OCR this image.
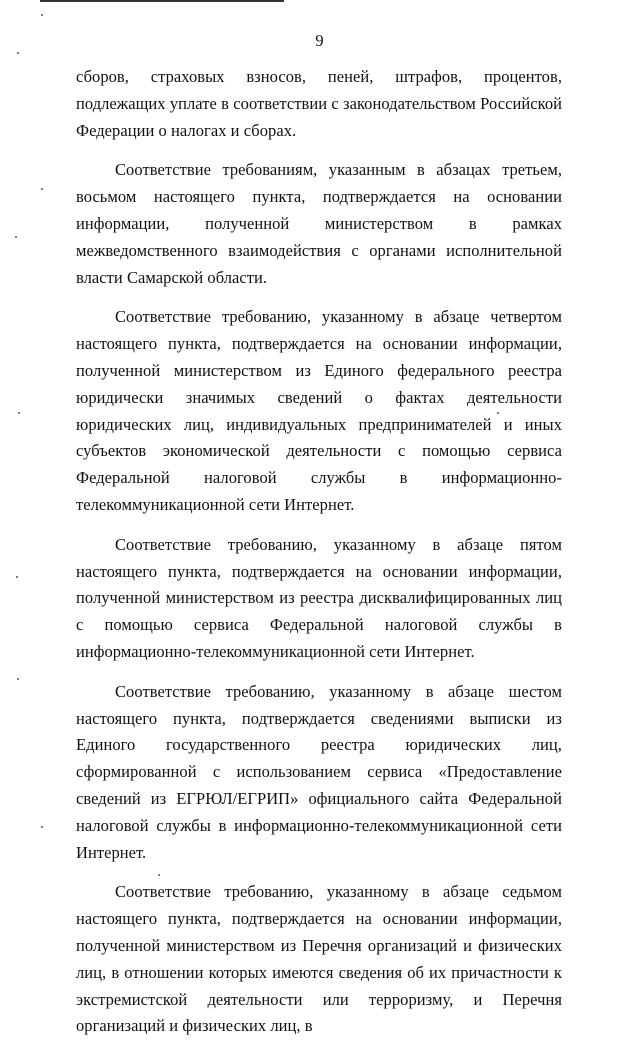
9

сборов, страховых взносов, пеней, штрафов, процентов, подлежащих уплате в соответствии с законодательством Российской Федерации о налогах и сборах.

Соответствие требованиям, указанным в абзацах третьем, восьмом настоящего пункта, подтверждается на основании информации, полученной министерством в рамках межведомственного взаимодействия с органами исполнительной власти Самарской области.

Соответствие требованию, указанному в абзаце четвертом настоящего пункта, подтверждается на основании информации, полученной министерством из Единого федерального реестра юридически значимых сведений о фактах деятельности юридических лиц, индивидуальных предпринимателей и иных субъектов экономической деятельности с помощью сервиса Федеральной налоговой службы в информационно-телекоммуникационной сети Интернет.

Соответствие требованию, указанному в абзаце пятом настоящего пункта, подтверждается на основании информации, полученной министерством из реестра дисквалифицированных лиц с помощью сервиса Федеральной налоговой службы в информационно-телекоммуникационной сети Интернет.

Соответствие требованию, указанному в абзаце шестом настоящего пункта, подтверждается сведениями выписки из Единого государственного реестра юридических лиц, сформированной с использованием сервиса «Предоставление сведений из ЕГРЮЛ/ЕГРИП» официального сайта Федеральной налоговой службы в информационно-телекоммуникационной сети Интернет.

Соответствие требованию, указанному в абзаце седьмом настоящего пункта, подтверждается на основании информации, полученной министерством из Перечня организаций и физических лиц, в отношении которых имеются сведения об их причастности к экстремистской деятельности или терроризму, и Перечня организаций и физических лиц, в
